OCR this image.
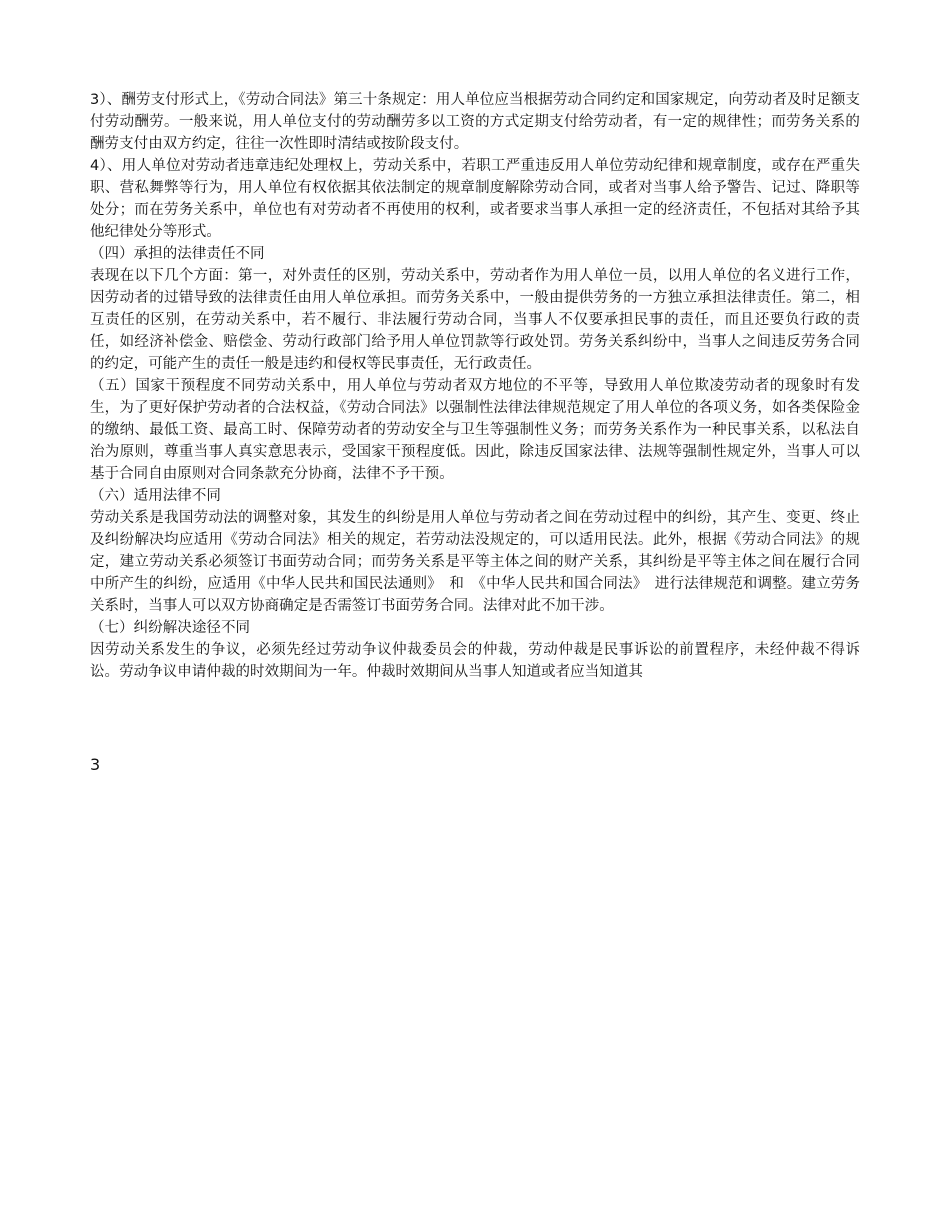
3）、酬劳支付形式上，《劳动合同法》第三十条规定：用人单位应当根据劳动合同约定和国家规定，向劳动者及时足额支付劳动酬劳。一般来说，用人单位支付的劳动酬劳多以工资的方式定期支付给劳动者，有一定的规律性；而劳务关系的酬劳支付由双方约定，往往一次性即时清结或按阶段支付。

4）、用人单位对劳动者违章违纪处理权上，劳动关系中，若职工严重违反用人单位劳动纪律和规章制度，或存在严重失职、营私舞弊等行为，用人单位有权依据其依法制定的规章制度解除劳动合同，或者对当事人给予警告、记过、降职等处分；而在劳务关系中，单位也有对劳动者不再使用的权利，或者要求当事人承担一定的经济责任，不包括对其给予其他纪律处分等形式。

（四）承担的法律责任不同

表现在以下几个方面：第一，对外责任的区别，劳动关系中，劳动者作为用人单位一员，以用人单位的名义进行工作，因劳动者的过错导致的法律责任由用人单位承担。而劳务关系中，一般由提供劳务的一方独立承担法律责任。第二，相互责任的区别，在劳动关系中，若不履行、非法履行劳动合同，当事人不仅要承担民事的责任，而且还要负行政的责任，如经济补偿金、赔偿金、劳动行政部门给予用人单位罚款等行政处罚。劳务关系纠纷中，当事人之间违反劳务合同的约定，可能产生的责任一般是违约和侵权等民事责任，无行政责任。

（五）国家干预程度不同劳动关系中，用人单位与劳动者双方地位的不平等，导致用人单位欺凌劳动者的现象时有发生，为了更好保护劳动者的合法权益，《劳动合同法》以强制性法律法律规范规定了用人单位的各项义务，如各类保险金的缴纳、最低工资、最高工时、保障劳动者的劳动安全与卫生等强制性义务；而劳务关系作为一种民事关系，以私法自治为原则，尊重当事人真实意思表示，受国家干预程度低。因此，除违反国家法律、法规等强制性规定外，当事人可以基于合同自由原则对合同条款充分协商，法律不予干预。

（六）适用法律不同

劳动关系是我国劳动法的调整对象，其发生的纠纷是用人单位与劳动者之间在劳动过程中的纠纷，其产生、变更、终止及纠纷解决均应适用《劳动合同法》相关的规定，若劳动法没规定的，可以适用民法。此外，根据《劳动合同法》的规定，建立劳动关系必须签订书面劳动合同；而劳务关系是平等主体之间的财产关系，其纠纷是平等主体之间在履行合同中所产生的纠纷，应适用《中华人民共和国民法通则》　和　《中华人民共和国合同法》　进行法律规范和调整。建立劳务关系时，当事人可以双方协商确定是否需签订书面劳务合同。法律对此不加干涉。

（七）纠纷解决途径不同

因劳动关系发生的争议，必须先经过劳动争议仲裁委员会的仲裁，劳动仲裁是民事诉讼的前置程序，未经仲裁不得诉讼。劳动争议申请仲裁的时效期间为一年。仲裁时效期间从当事人知道或者应当知道其

3
